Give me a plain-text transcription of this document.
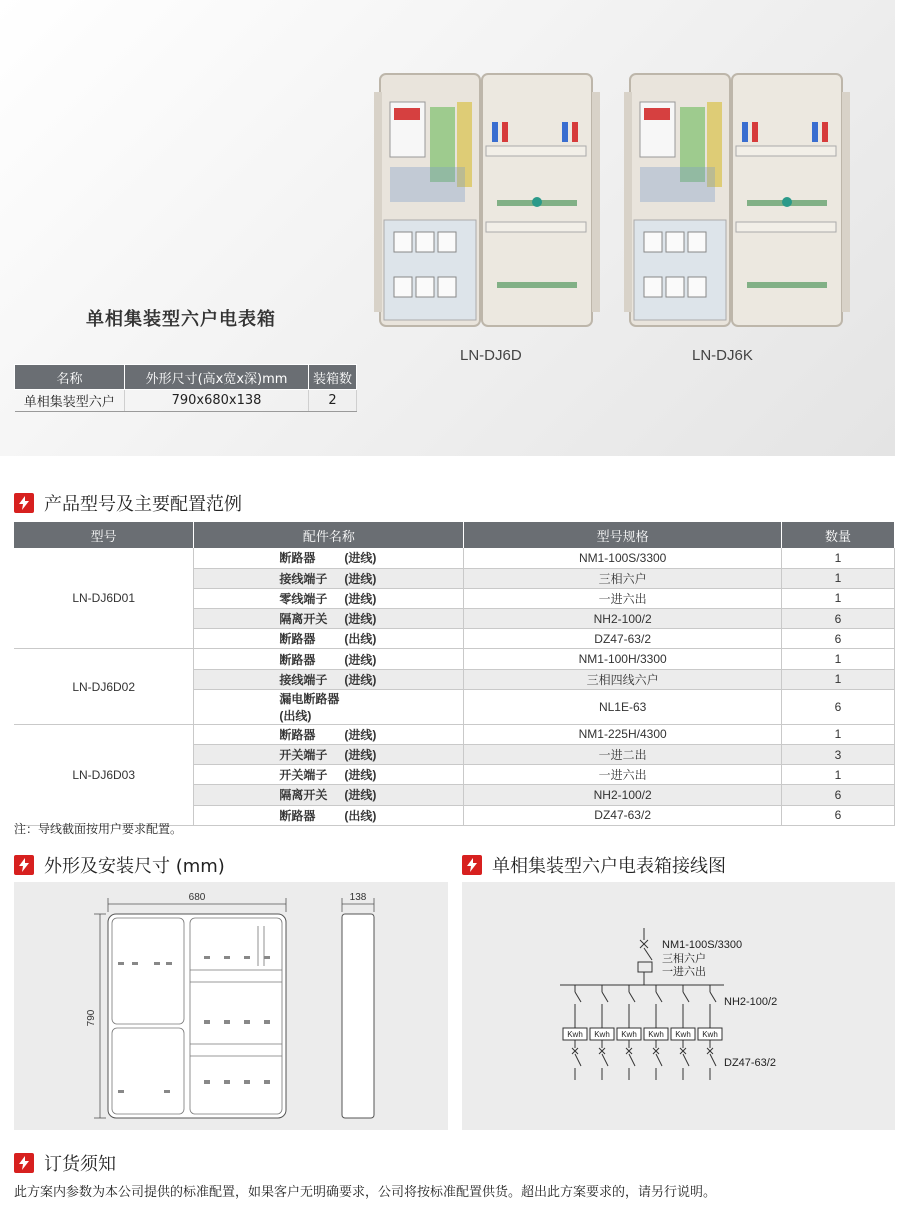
LN-DJ6D	LN-DJ6K
单相集装型六户电表箱
名称	外形尺寸(高x宽x深)mm	装箱数
单相集装型六户	790x680x138	2
产品型号及主要配置范例
型号	配件名称	型号规格	数量
LN-DJ6D01	断路器 (进线)	NM1-100S/3300	1
	接线端子 (进线)	三相六户	1
	零线端子 (进线)	一进六出	1
	隔离开关 (进线)	NH2-100/2	6
	断路器 (出线)	DZ47-63/2	6
LN-DJ6D02	断路器 (进线)	NM1-100H/3300	1
	接线端子 (进线)	三相四线六户	1
	漏电断路器(出线)	NL1E-63	6
LN-DJ6D03	断路器 (进线)	NM1-225H/4300	1
	开关端子 (进线)	一进二出	3
	开关端子 (进线)	一进六出	1
	隔离开关 (进线)	NH2-100/2	6
	断路器 (出线)	DZ47-63/2	6
注：导线截面按用户要求配置。
外形及安装尺寸 (mm)
680
790
138
单相集装型六户电表箱接线图
NM1-100S/3300
三相六户
一进六出
Kwh Kwh Kwh Kwh Kwh Kwh
NH2-100/2
DZ47-63/2
订货须知
此方案内参数为本公司提供的标准配置，如果客户无明确要求，公司将按标准配置供货。超出此方案要求的，请另行说明。
